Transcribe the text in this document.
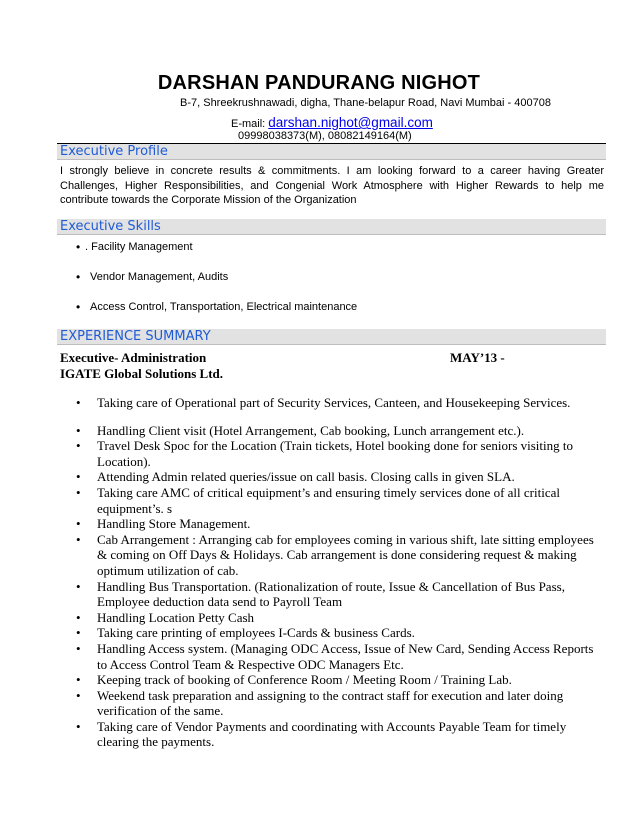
DARSHAN PANDURANG NIGHOT
B-7, Shreekrushnawadi, digha, Thane-belapur Road, Navi Mumbai - 400708
E-mail: darshan.nighot@gmail.com
09998038373(M), 08082149164(M)
Executive Profile
I strongly believe in concrete results & commitments. I am looking forward to a career having Greater Challenges, Higher Responsibilities, and Congenial Work Atmosphere with Higher Rewards to help me contribute towards the Corporate Mission of the Organization
Executive Skills
• . Facility Management
• Vendor Management, Audits
• Access Control, Transportation, Electrical maintenance
EXPERIENCE SUMMARY
Executive- Administration	MAY’13 -
IGATE Global Solutions Ltd.
• Taking care of Operational part of Security Services, Canteen, and Housekeeping Services.
• Handling Client visit (Hotel Arrangement, Cab booking, Lunch arrangement etc.).
• Travel Desk Spoc for the Location (Train tickets, Hotel booking done for seniors visiting to Location).
• Attending Admin related queries/issue on call basis. Closing calls in given SLA.
• Taking care AMC of critical equipment’s and ensuring timely services done of all critical equipment’s. s
• Handling Store Management.
• Cab Arrangement : Arranging cab for employees coming in various shift, late sitting employees & coming on Off Days & Holidays. Cab arrangement is done considering request & making optimum utilization of cab.
• Handling Bus Transportation. (Rationalization of route, Issue & Cancellation of Bus Pass, Employee deduction data send to Payroll Team
• Handling Location Petty Cash
• Taking care printing of employees I-Cards & business Cards.
• Handling Access system. (Managing ODC Access, Issue of New Card, Sending Access Reports to Access Control Team & Respective ODC Managers Etc.
• Keeping track of booking of Conference Room / Meeting Room / Training Lab.
• Weekend task preparation and assigning to the contract staff for execution and later doing verification of the same.
• Taking care of Vendor Payments and coordinating with Accounts Payable Team for timely clearing the payments.
